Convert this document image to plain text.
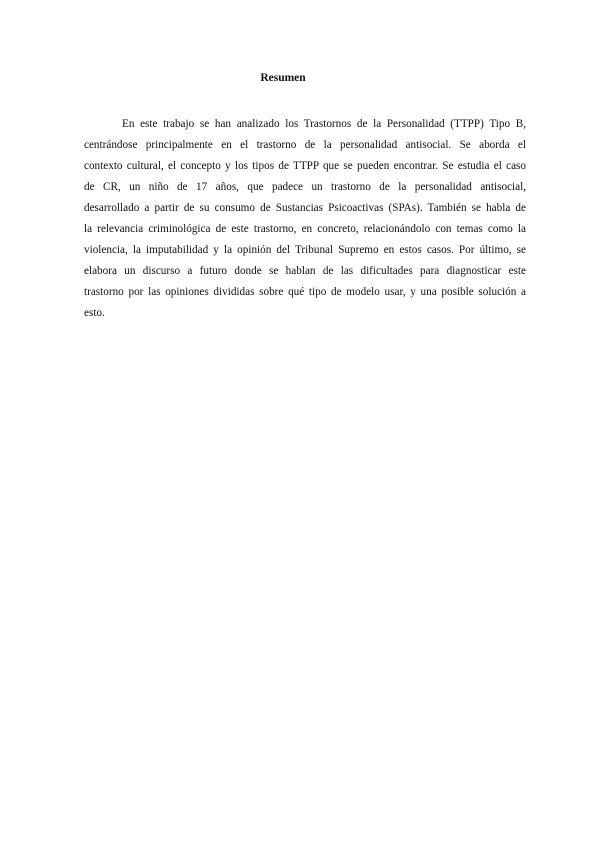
Resumen
En este trabajo se han analizado los Trastornos de la Personalidad (TTPP) Tipo B,
centrándose principalmente en el trastorno de la personalidad antisocial. Se aborda el
contexto cultural, el concepto y los tipos de TTPP que se pueden encontrar. Se estudia el caso
de CR, un niño de 17 años, que padece un trastorno de la personalidad antisocial,
desarrollado a partir de su consumo de Sustancias Psicoactivas (SPAs). También se habla de
la relevancia criminológica de este trastorno, en concreto, relacionándolo con temas como la
violencia, la imputabilidad y la opinión del Tribunal Supremo en estos casos. Por último, se
elabora un discurso a futuro donde se hablan de las dificultades para diagnosticar este
trastorno por las opiniones divididas sobre qué tipo de modelo usar, y una posible solución a
esto.
